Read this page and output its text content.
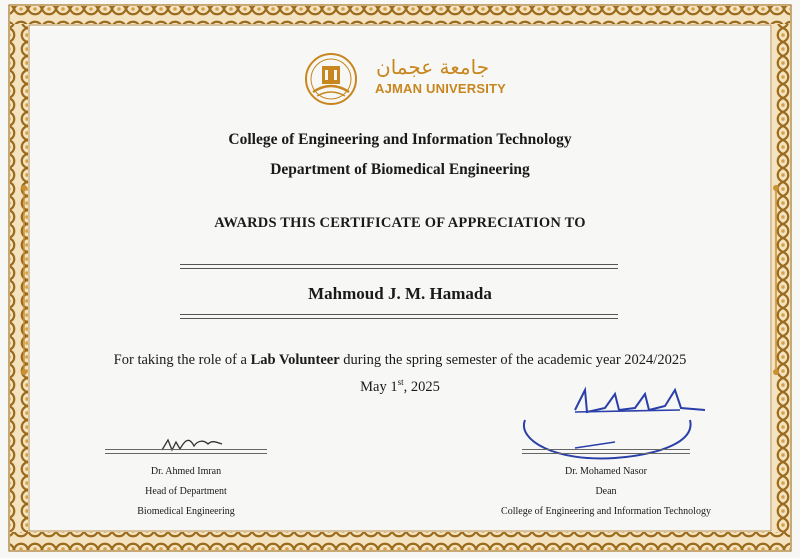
جامعة عجمان
AJMAN UNIVERSITY
College of Engineering and Information Technology
Department of Biomedical Engineering
AWARDS THIS CERTIFICATE OF APPRECIATION TO
Mahmoud J. M. Hamada
For taking the role of a Lab Volunteer during the spring semester of the academic year 2024/2025
May 1st, 2025
Dr. Ahmed Imran
Head of Department
Biomedical Engineering
Dr. Mohamed Nasor
Dean
College of Engineering and Information Technology
